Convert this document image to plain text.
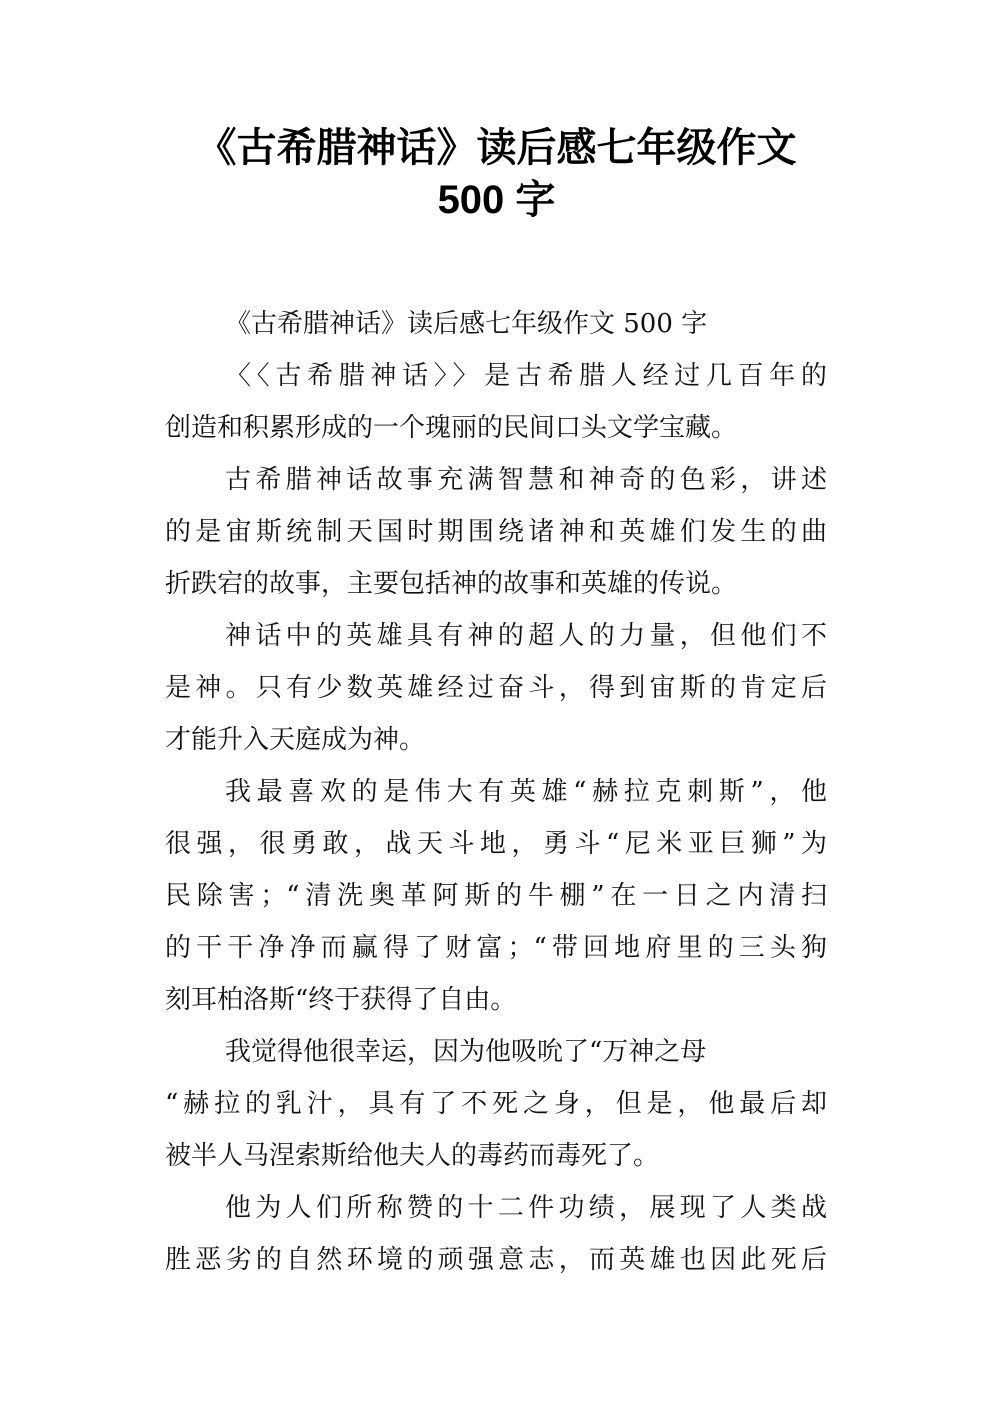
《古希腊神话》读后感七年级作文
500 字
《古希腊神话》读后感七年级作文 500 字
〈〈古希腊神话〉〉是古希腊人经过几百年的
创造和积累形成的一个瑰丽的民间口头文学宝藏。
古希腊神话故事充满智慧和神奇的色彩，讲述
的是宙斯统制天国时期围绕诸神和英雄们发生的曲
折跌宕的故事，主要包括神的故事和英雄的传说。
神话中的英雄具有神的超人的力量，但他们不
是神。只有少数英雄经过奋斗，得到宙斯的肯定后
才能升入天庭成为神。
我最喜欢的是伟大有英雄“赫拉克刺斯”，他
很强，很勇敢，战天斗地，勇斗“尼米亚巨狮”为
民除害；“清洗奥革阿斯的牛棚”在一日之内清扫
的干干净净而赢得了财富；“带回地府里的三头狗
刻耳柏洛斯“终于获得了自由。
我觉得他很幸运，因为他吸吮了“万神之母
“赫拉的乳汁，具有了不死之身，但是，他最后却
被半人马涅索斯给他夫人的毒药而毒死了。
他为人们所称赞的十二件功绩，展现了人类战
胜恶劣的自然环境的顽强意志，而英雄也因此死后
